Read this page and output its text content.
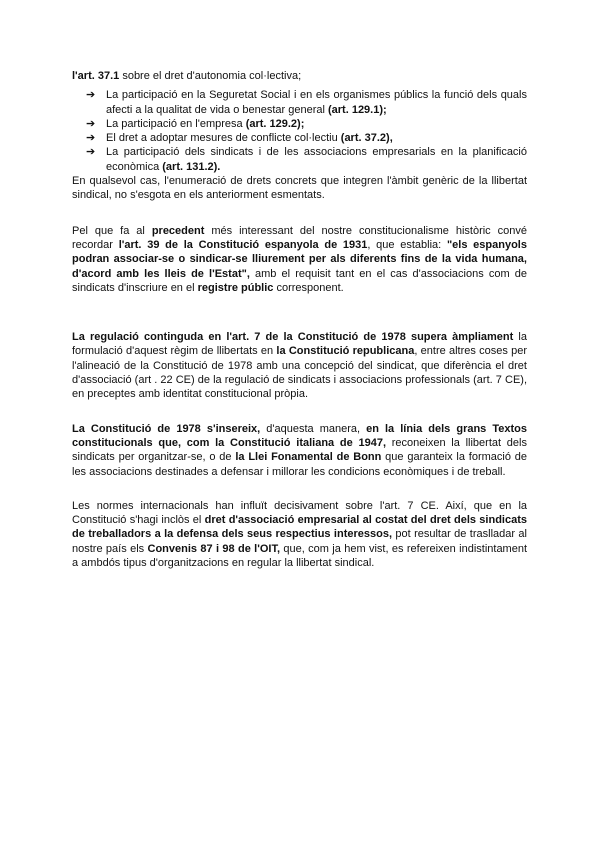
l'art. 37.1 sobre el dret d'autonomia col·lectiva;

➔ La participació en la Seguretat Social i en els organismes públics la funció dels quals afecti a la qualitat de vida o benestar general (art. 129.1);
➔ La participació en l'empresa (art. 129.2);
➔ El dret a adoptar mesures de conflicte col·lectiu (art. 37.2),
➔ La participació dels sindicats i de les associacions empresarials en la planificació econòmica (art. 131.2).

En qualsevol cas, l'enumeració de drets concrets que integren l'àmbit genèric de la llibertat sindical, no s'esgota en els anteriorment esmentats.

Pel que fa al precedent més interessant del nostre constitucionalisme històric convé recordar l'art. 39 de la Constitució espanyola de 1931, que establia: "els espanyols podran associar-se o sindicar-se lliurement per als diferents fins de la vida humana, d'acord amb les lleis de l'Estat", amb el requisit tant en el cas d'associacions com de sindicats d'inscriure en el registre públic corresponent.

La regulació continguda en l'art. 7 de la Constitució de 1978 supera àmpliament la formulació d'aquest règim de llibertats en la Constitució republicana, entre altres coses per l'alineació de la Constitució de 1978 amb una concepció del sindicat, que diferència el dret d'associació (art . 22 CE) de la regulació de sindicats i associacions professionals (art. 7 CE), en preceptes amb identitat constitucional pròpia.

La Constitució de 1978 s'insereix, d'aquesta manera, en la línia dels grans Textos constitucionals que, com la Constitució italiana de 1947, reconeixen la llibertat dels sindicats per organitzar-se, o de la Llei Fonamental de Bonn que garanteix la formació de les associacions destinades a defensar i millorar les condicions econòmiques i de treball.

Les normes internacionals han influït decisivament sobre l'art. 7 CE. Així, que en la Constitució s'hagi inclòs el dret d'associació empresarial al costat del dret dels sindicats de treballadors a la defensa dels seus respectius interessos, pot resultar de traslladar al nostre país els Convenis 87 i 98 de l'OIT, que, com ja hem vist, es refereixen indistintament a ambdós tipus d'organitzacions en regular la llibertat sindical.
